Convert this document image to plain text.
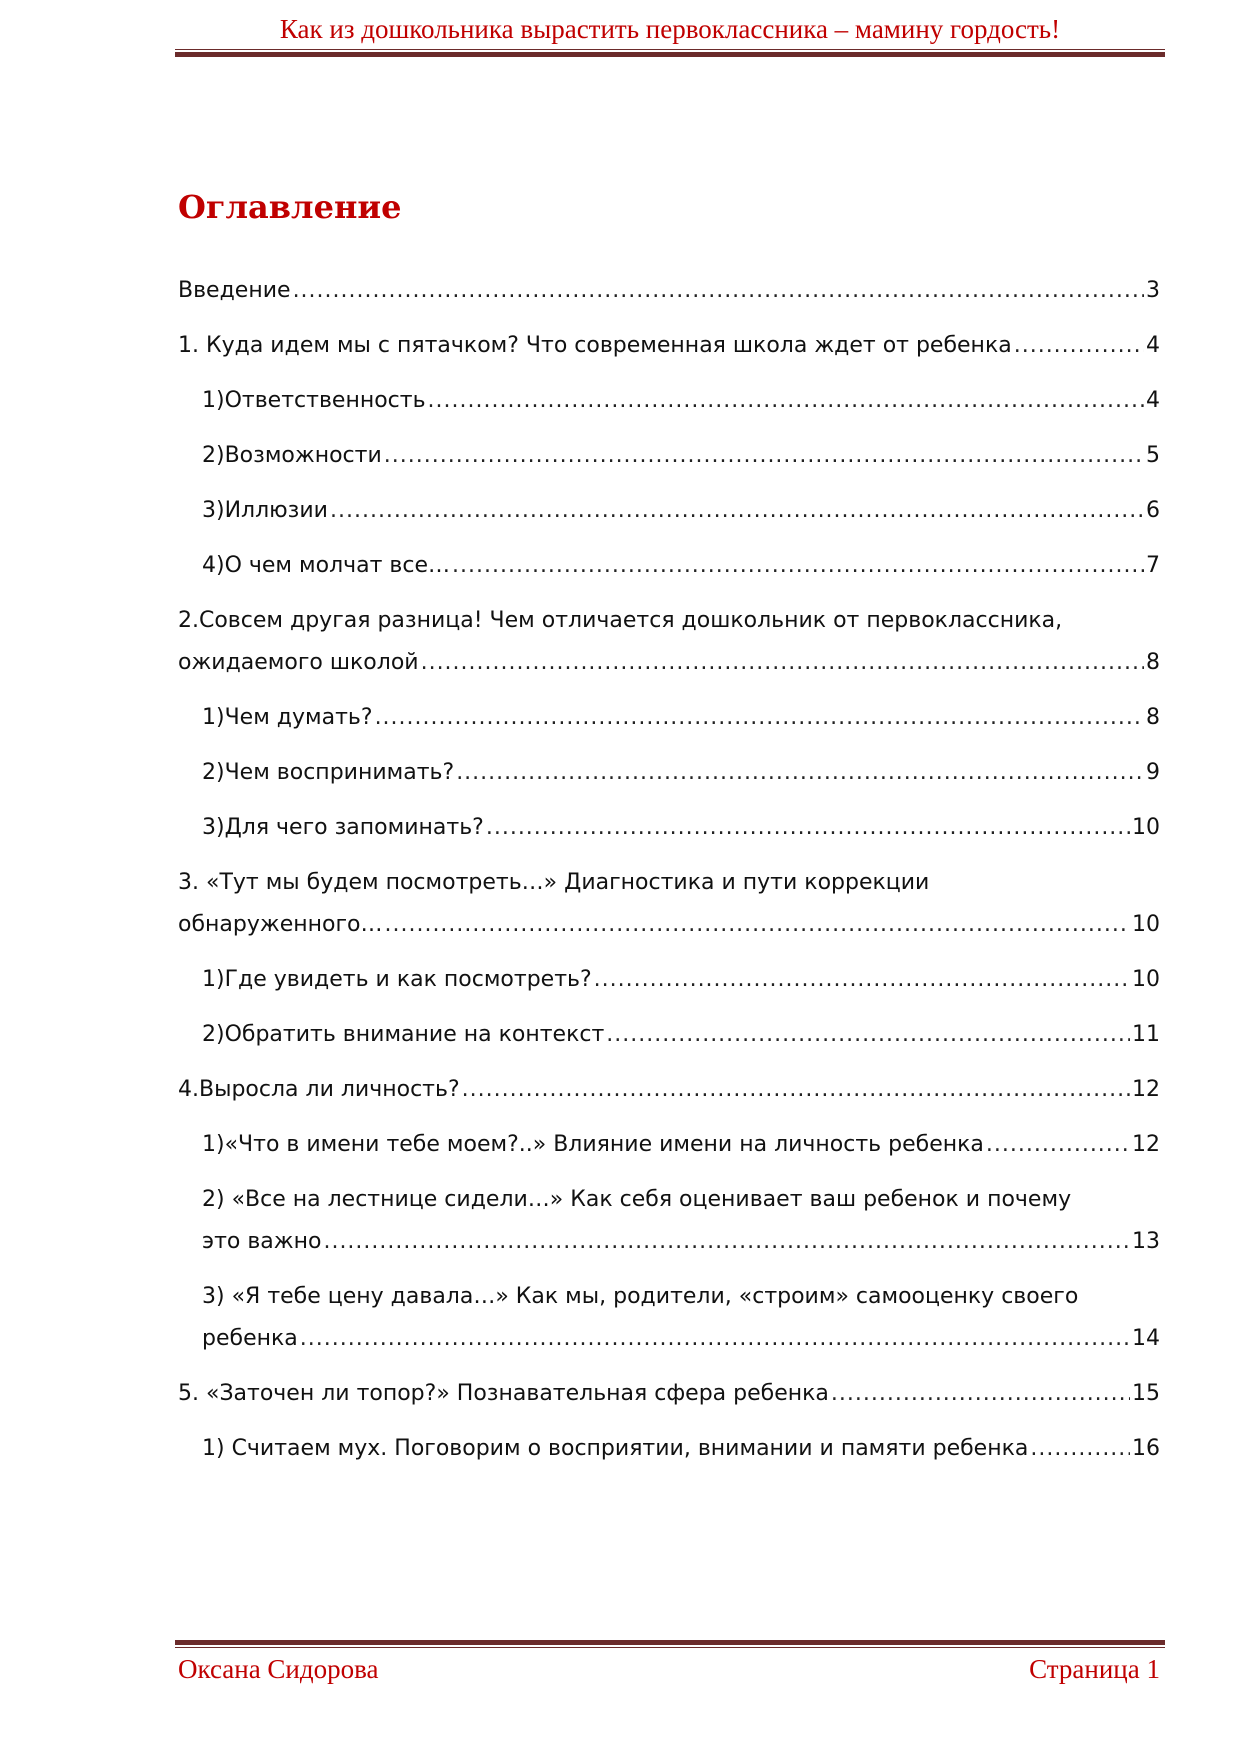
Как из дошкольника вырастить первоклассника – мамину гордость!
Оглавление
Введение .....	3
1. Куда идем мы с пятачком? Что современная школа ждет от ребенка .....	4
1)Ответственность .....	4
2)Возможности .....	5
3)Иллюзии .....	6
4)О чем молчат все… .....	7
2.Совсем другая разница! Чем отличается дошкольник от первоклассника,
ожидаемого школой .....	8
1)Чем думать? .....	8
2)Чем воспринимать? .....	9
3)Для чего запоминать? .....	10
3. «Тут мы будем посмотреть…» Диагностика и пути коррекции
обнаруженного… .....	10
1)Где увидеть и как посмотреть? .....	10
2)Обратить внимание на контекст .....	11
4.Выросла ли личность? .....	12
1)«Что в имени тебе моем?..» Влияние имени на личность ребенка .....	12
2) «Все на лестнице сидели…» Как себя оценивает ваш ребенок и почему
это важно .....	13
3) «Я тебе цену давала…» Как мы, родители, «строим» самооценку своего
ребенка .....	14
5. «Заточен ли топор?» Познавательная сфера ребенка .....	15
1) Считаем мух. Поговорим о восприятии, внимании и памяти ребенка .....	16
Оксана Сидорова	Страница 1
